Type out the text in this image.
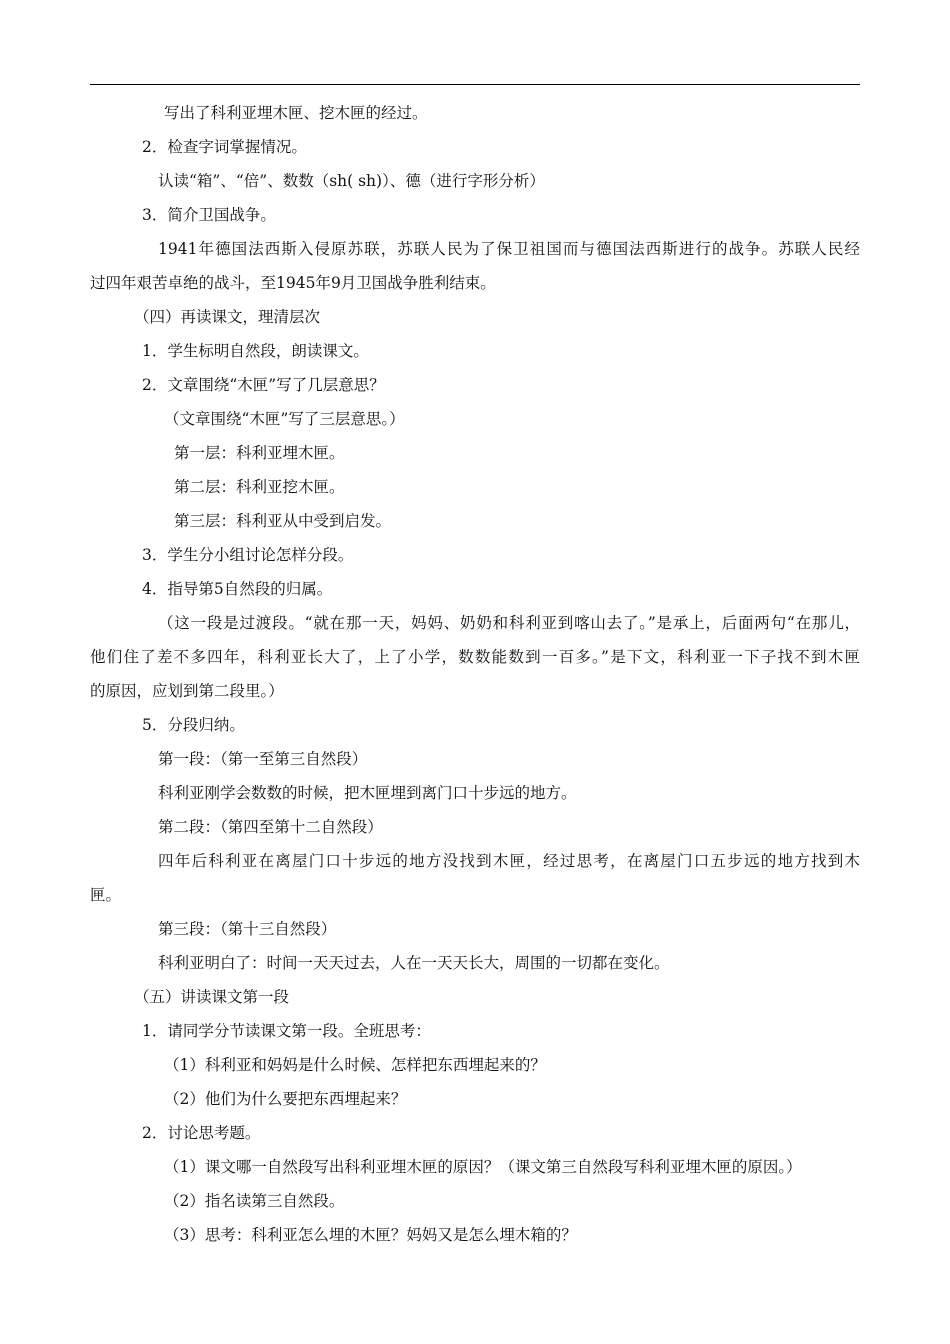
写出了科利亚埋木匣、挖木匣的经过。
2．检查字词掌握情况。
认读“箱”、“倍”、数数（sh( sh)）、德（进行字形分析）
3．简介卫国战争。
1941年德国法西斯入侵原苏联，苏联人民为了保卫祖国而与德国法西斯进行的战争。苏联人民经
过四年艰苦卓绝的战斗，至1945年9月卫国战争胜利结束。
（四）再读课文，理清层次
1．学生标明自然段，朗读课文。
2．文章围绕“木匣”写了几层意思？
（文章围绕“木匣”写了三层意思。）
第一层：科利亚埋木匣。
第二层：科利亚挖木匣。
第三层：科利亚从中受到启发。
3．学生分小组讨论怎样分段。
4．指导第5自然段的归属。
（这一段是过渡段。“就在那一天，妈妈、奶奶和科利亚到喀山去了。”是承上，后面两句“在那儿，
他们住了差不多四年，科利亚长大了，上了小学，数数能数到一百多。”是下文，科利亚一下子找不到木匣
的原因，应划到第二段里。）
5．分段归纳。
第一段：（第一至第三自然段）
科利亚刚学会数数的时候，把木匣埋到离门口十步远的地方。
第二段：（第四至第十二自然段）
四年后科利亚在离屋门口十步远的地方没找到木匣，经过思考，在离屋门口五步远的地方找到木
匣。
第三段：（第十三自然段）
科利亚明白了：时间一天天过去，人在一天天长大，周围的一切都在变化。
（五）讲读课文第一段
1．请同学分节读课文第一段。全班思考：
（1）科利亚和妈妈是什么时候、怎样把东西埋起来的？
（2）他们为什么要把东西埋起来？
2．讨论思考题。
（1）课文哪一自然段写出科利亚埋木匣的原因？（课文第三自然段写科利亚埋木匣的原因。）
（2）指名读第三自然段。
（3）思考：科利亚怎么埋的木匣？妈妈又是怎么埋木箱的？
